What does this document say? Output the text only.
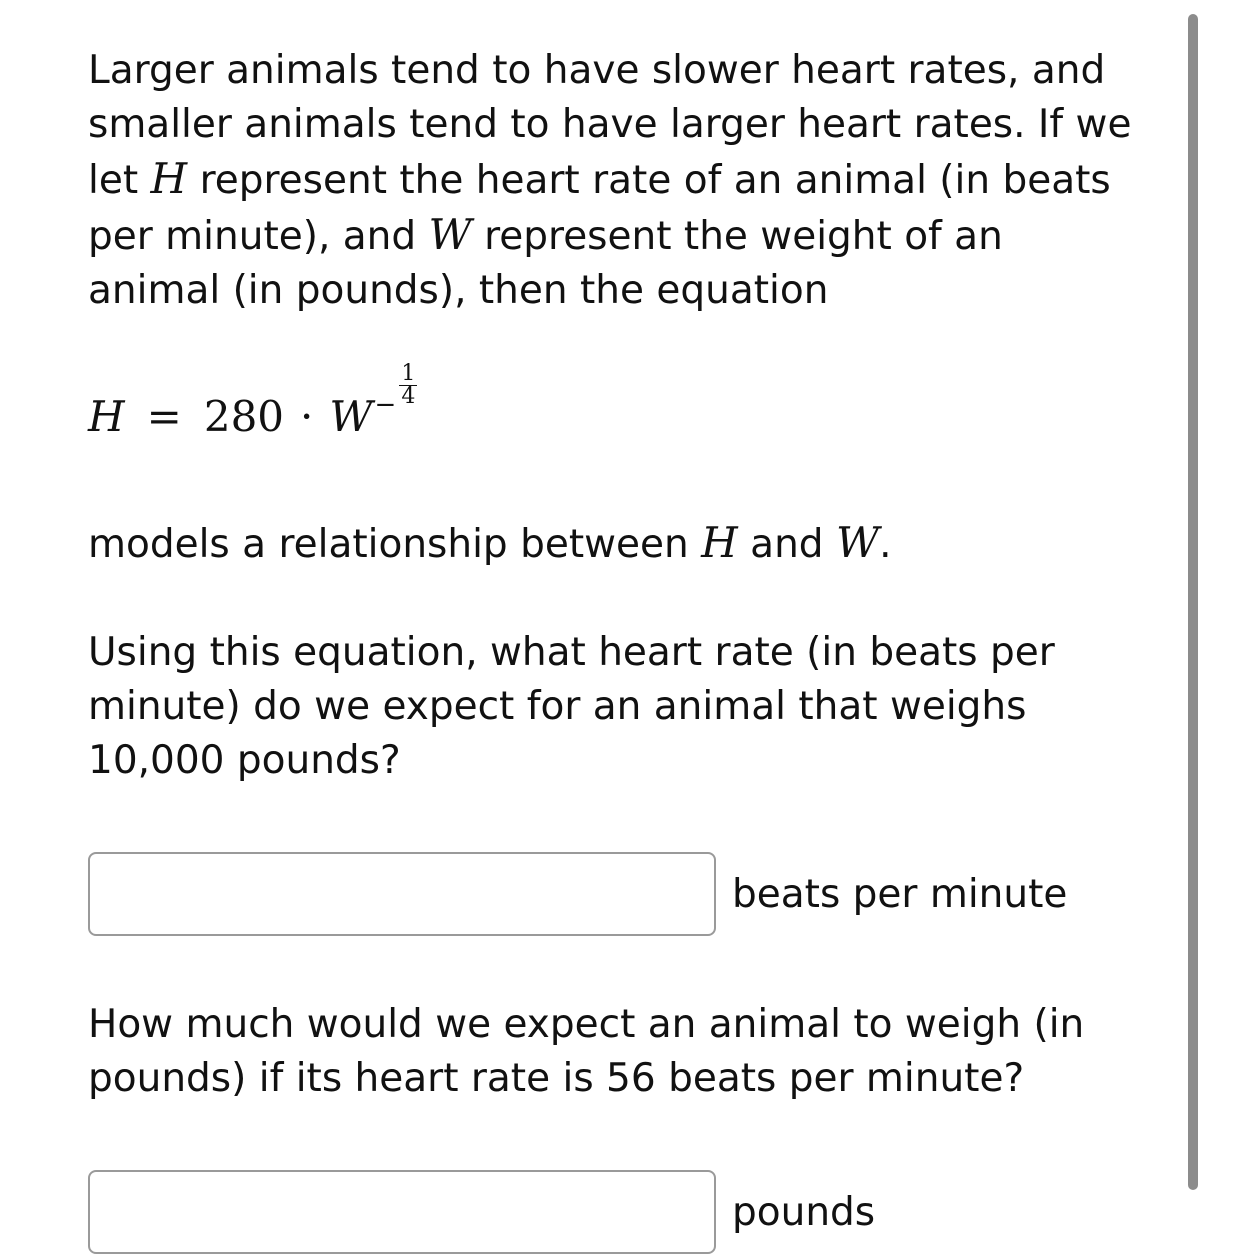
Larger animals tend to have slower heart rates, and
smaller animals tend to have larger heart rates. If we
let H represent the heart rate of an animal (in beats
per minute), and W represent the weight of an
animal (in pounds), then the equation

$H = 280 \cdot W- \frac{1}{4}$

models a relationship between H and W.

Using this equation, what heart rate (in beats per
minute) do we expect for an animal that weighs
10,000 pounds?

beats per minute

How much would we expect an animal to weigh (in
pounds) if its heart rate is 56 beats per minute?

pounds
